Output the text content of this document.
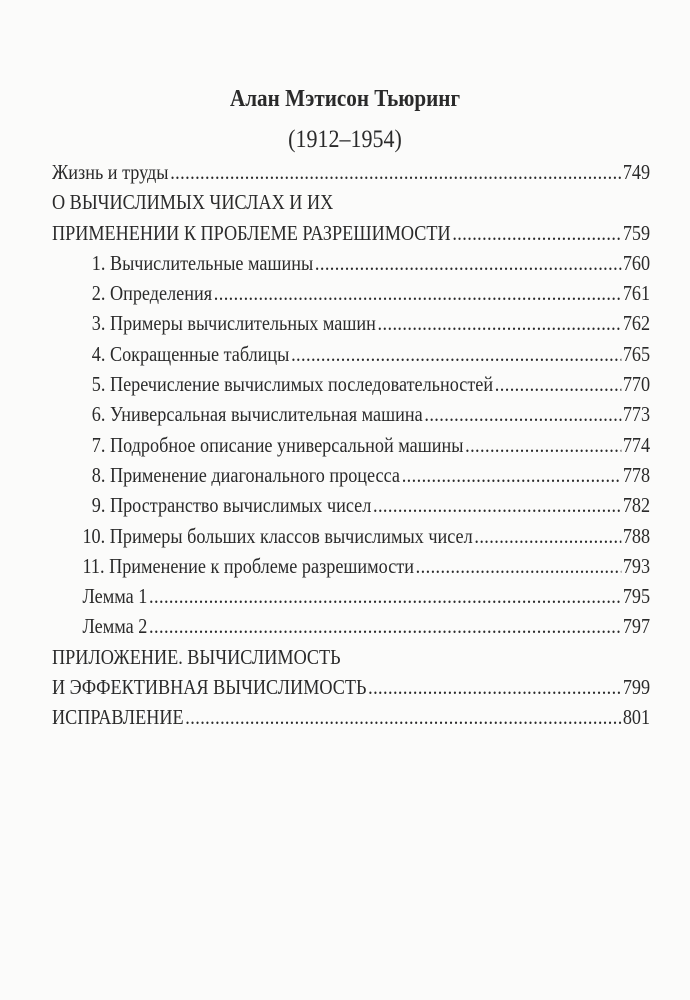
Алан Мэтисон Тьюринг
(1912–1954)
Жизнь и труды .....	749
О ВЫЧИСЛИМЫХ ЧИСЛАХ И ИХ
ПРИМЕНЕНИИ К ПРОБЛЕМЕ РАЗРЕШИМОСТИ .....	759
1. Вычислительные машины .....	760
2. Определения .....	761
3. Примеры вычислительных машин .....	762
4. Сокращенные таблицы .....	765
5. Перечисление вычислимых последовательностей .....	770
6. Универсальная вычислительная машина .....	773
7. Подробное описание универсальной машины .....	774
8. Применение диагонального процесса .....	778
9. Пространство вычислимых чисел .....	782
10. Примеры больших классов вычислимых чисел .....	788
11. Применение к проблеме разрешимости .....	793
Лемма 1 .....	795
Лемма 2 .....	797
ПРИЛОЖЕНИЕ. ВЫЧИСЛИМОСТЬ
И ЭФФЕКТИВНАЯ ВЫЧИСЛИМОСТЬ .....	799
ИСПРАВЛЕНИЕ .....	801
